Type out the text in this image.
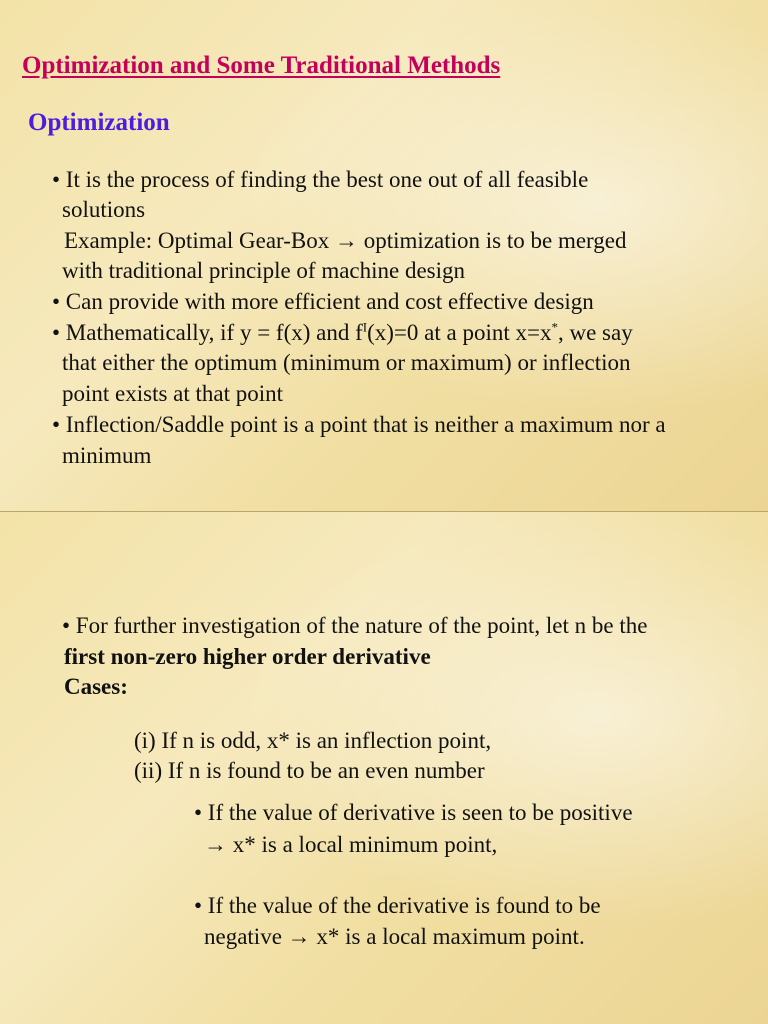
Optimization and Some Traditional Methods
Optimization
• It is the process of finding the best one out of all feasible
solutions
Example: Optimal Gear-Box → optimization is to be merged
with traditional principle of machine design
• Can provide with more efficient and cost effective design
• Mathematically, if y = f(x) and $f^I(x)=0$ at a point x=x*, we say
that either the optimum (minimum or maximum) or inflection
point exists at that point
• Inflection/Saddle point is a point that is neither a maximum nor a
minimum
• For further investigation of the nature of the point, let n be the
first non-zero higher order derivative
Cases:
(i) If n is odd, x* is an inflection point,
(ii) If n is found to be an even number
• If the value of derivative is seen to be positive
→ x* is a local minimum point,
• If the value of the derivative is found to be
negative → x* is a local maximum point.
